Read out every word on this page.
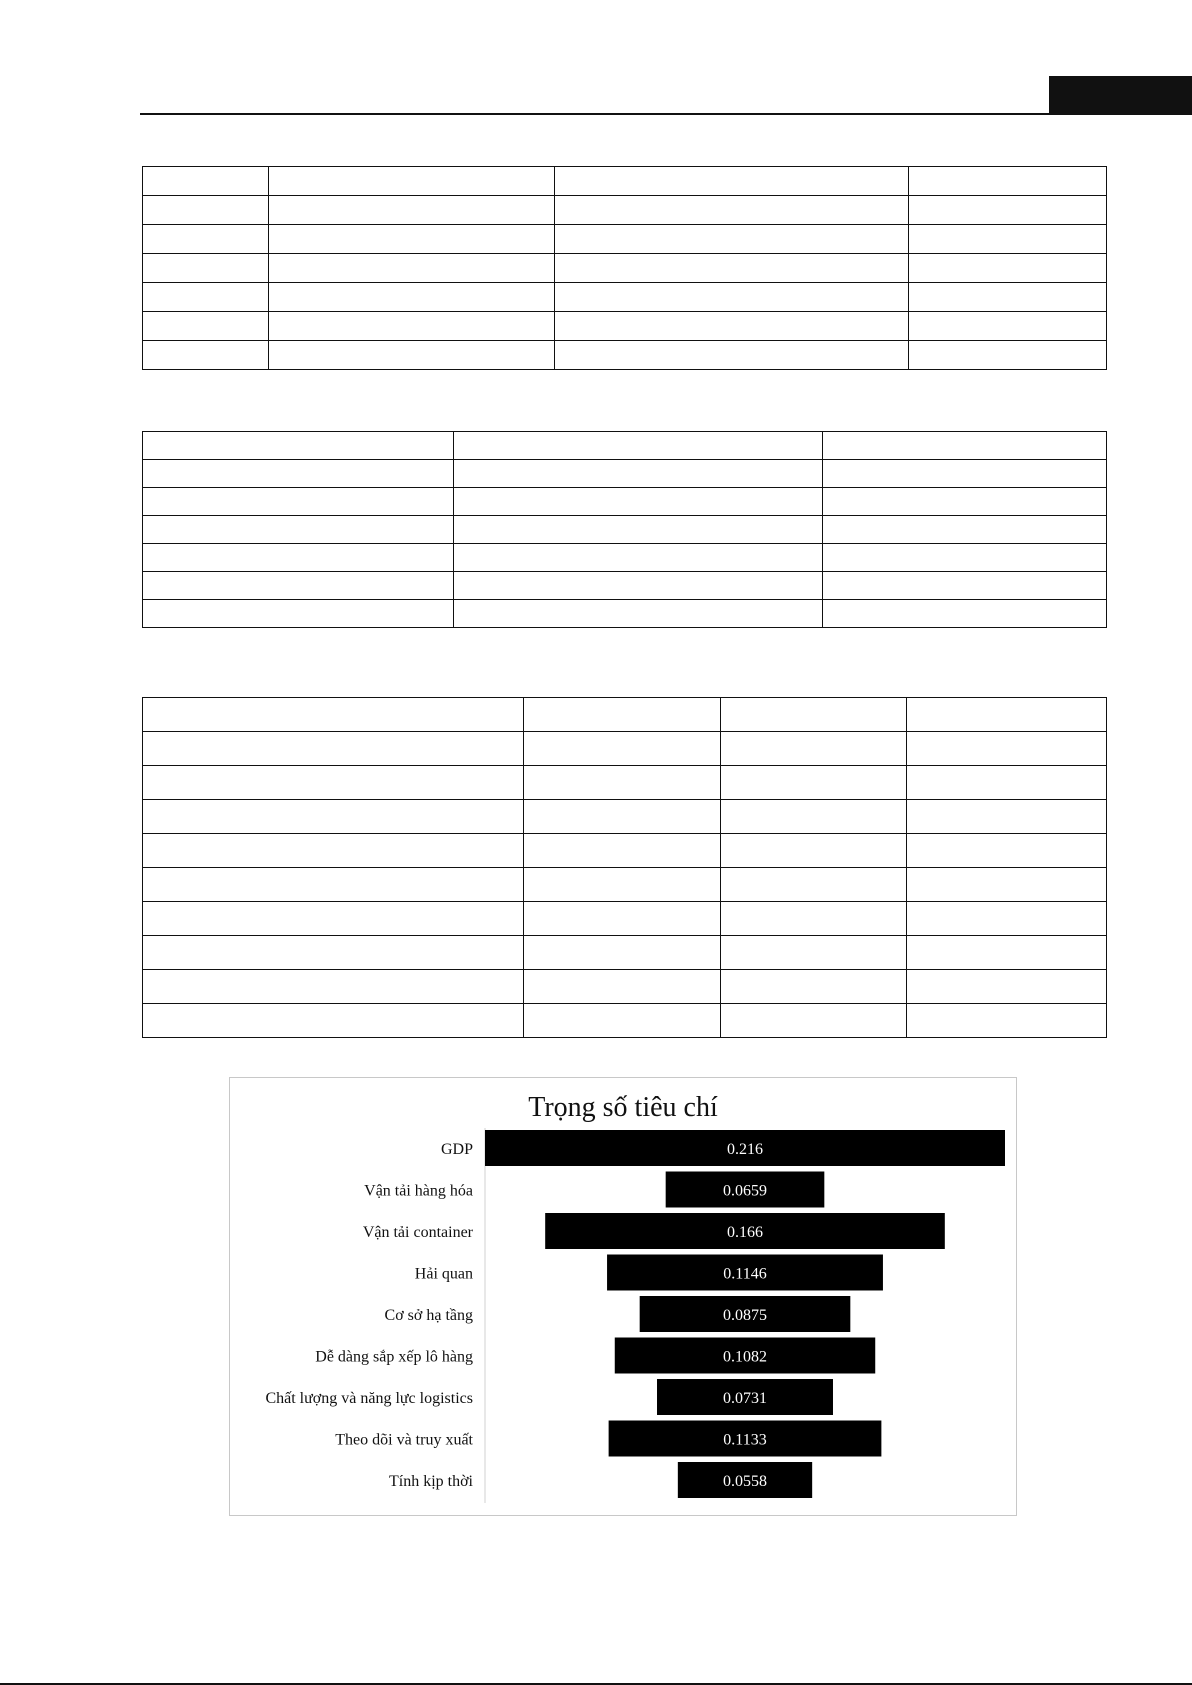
Trọng số tiêu chí
0.216
GDP
0.0659
Vận tải hàng hóa
0.166
Vận tải container
0.1146
Hải quan
0.0875
Cơ sở hạ tầng
0.1082
Dễ dàng sắp xếp lô hàng
0.0731
Chất lượng và năng lực logistics
0.1133
Theo dõi và truy xuất
0.0558
Tính kịp thời
